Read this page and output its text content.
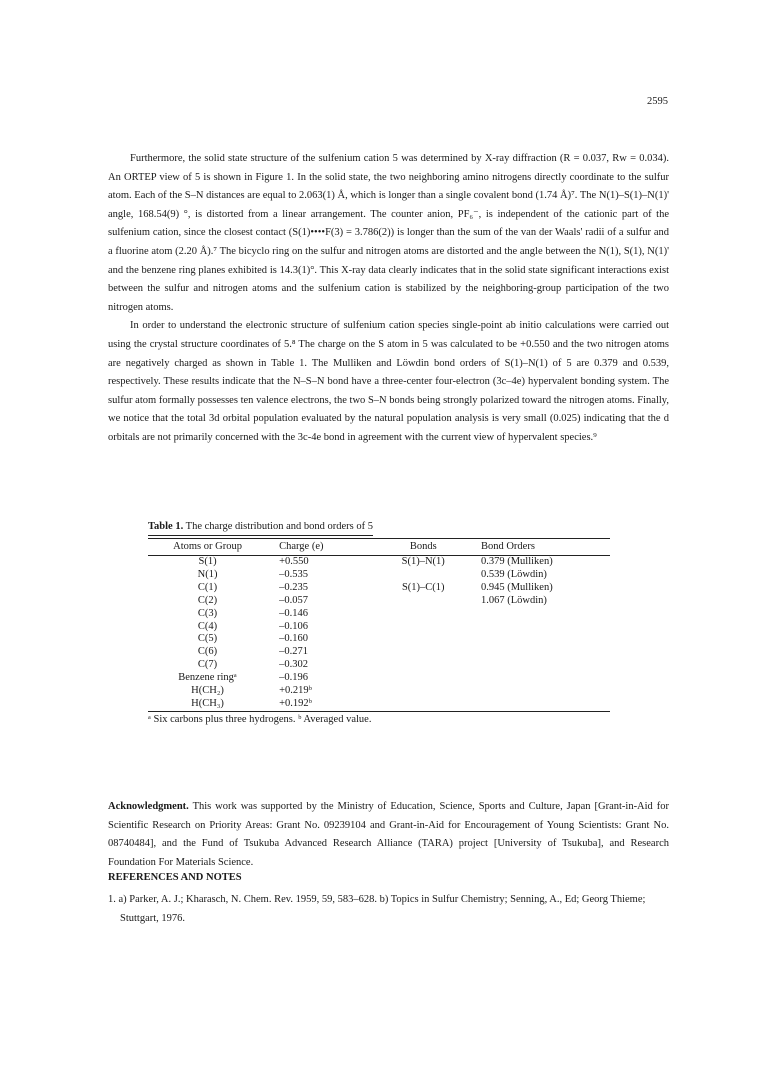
2595

Furthermore, the solid state structure of the sulfenium cation 5 was determined by X-ray diffraction (R = 0.037, Rw = 0.034). An ORTEP view of 5 is shown in Figure 1. In the solid state, the two neighboring amino nitrogens directly coordinate to the sulfur atom. Each of the S–N distances are equal to 2.063(1) Å, which is longer than a single covalent bond (1.74 Å)⁷. The N(1)–S(1)–N(1)' angle, 168.54(9) °, is distorted from a linear arrangement. The counter anion, PF₆⁻, is independent of the cationic part of the sulfenium cation, since the closest contact (S(1)••••F(3) = 3.786(2)) is longer than the sum of the van der Waals' radii of a sulfur and a fluorine atom (2.20 Å).⁷ The bicyclo ring on the sulfur and nitrogen atoms are distorted and the angle between the N(1), S(1), N(1)' and the benzene ring planes exhibited is 14.3(1)°. This X-ray data clearly indicates that in the solid state significant interactions exist between the sulfur and nitrogen atoms and the sulfenium cation is stabilized by the neighboring-group participation of the two nitrogen atoms.

In order to understand the electronic structure of sulfenium cation species single-point ab initio calculations were carried out using the crystal structure coordinates of 5.⁸ The charge on the S atom in 5 was calculated to be +0.550 and the two nitrogen atoms are negatively charged as shown in Table 1. The Mulliken and Löwdin bond orders of S(1)–N(1) of 5 are 0.379 and 0.539, respectively. These results indicate that the N–S–N bond have a three-center four-electron (3c–4e) hypervalent bonding system. The sulfur atom formally possesses ten valence electrons, the two S–N bonds being strongly polarized toward the nitrogen atoms. Finally, we notice that the total 3d orbital population evaluated by the natural population analysis is very small (0.025) indicating that the d orbitals are not primarily concerned with the 3c-4e bond in agreement with the current view of hypervalent species.⁹

Table 1. The charge distribution and bond orders of 5
Atoms or Group	Charge (e)	Bonds	Bond Orders
S(1)	+0.550	S(1)–N(1)	0.379 (Mulliken)
N(1)	–0.535		0.539 (Löwdin)
C(1)	–0.235	S(1)–C(1)	0.945 (Mulliken)
C(2)	–0.057		1.067 (Löwdin)
C(3)	–0.146		
C(4)	–0.106		
C(5)	–0.160		
C(6)	–0.271		
C(7)	–0.302		
Benzene ringᵃ	–0.196		
H(CH₂)	+0.219ᵇ		
H(CH₃)	+0.192ᵇ		
ᵃ Six carbons plus three hydrogens. ᵇ Averaged value.
Acknowledgment. This work was supported by the Ministry of Education, Science, Sports and Culture, Japan [Grant-in-Aid for Scientific Research on Priority Areas: Grant No. 09239104 and Grant-in-Aid for Encouragement of Young Scientists: Grant No. 08740484], and the Fund of Tsukuba Advanced Research Alliance (TARA) project [University of Tsukuba], and Research Foundation For Materials Science.
REFERENCES AND NOTES
1. a) Parker, A. J.; Kharasch, N. Chem. Rev. 1959, 59, 583–628. b) Topics in Sulfur Chemistry; Senning, A., Ed; Georg Thieme; Stuttgart, 1976.
